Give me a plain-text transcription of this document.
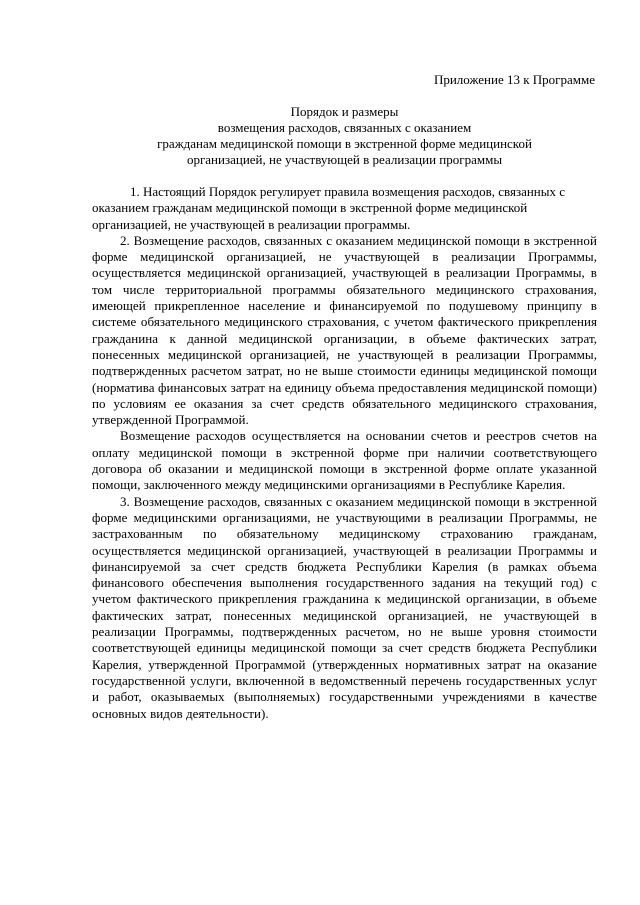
Приложение 13 к Программе
Порядок и размеры
возмещения расходов, связанных с оказанием
гражданам медицинской помощи в экстренной форме медицинской
организацией, не участвующей в реализации программы

1. Настоящий Порядок регулирует правила возмещения расходов, связанных с оказанием гражданам медицинской помощи в экстренной форме медицинской организацией, не участвующей в реализации программы.

2. Возмещение расходов, связанных с оказанием медицинской помощи в экстренной форме медицинской организацией, не участвующей в реализации Программы, осуществляется медицинской организацией, участвующей в реализации Программы, в том числе территориальной программы обязательного медицинского страхования, имеющей прикрепленное население и финансируемой по подушевому принципу в системе обязательного медицинского страхования, с учетом фактического прикрепления гражданина к данной медицинской организации, в объеме фактических затрат, понесенных медицинской организацией, не участвующей в реализации Программы, подтвержденных расчетом затрат, но не выше стоимости единицы медицинской помощи (норматива финансовых затрат на единицу объема предоставления медицинской помощи) по условиям ее оказания за счет средств обязательного медицинского страхования, утвержденной Программой.

Возмещение расходов осуществляется на основании счетов и реестров счетов на оплату медицинской помощи в экстренной форме при наличии соответствующего договора об оказании и медицинской помощи в экстренной форме оплате указанной помощи, заключенного между медицинскими организациями в Республике Карелия.

3. Возмещение расходов, связанных с оказанием медицинской помощи в экстренной форме медицинскими организациями, не участвующими в реализации Программы, не застрахованным по обязательному медицинскому страхованию гражданам, осуществляется медицинской организацией, участвующей в реализации Программы и финансируемой за счет средств бюджета Республики Карелия (в рамках объема финансового обеспечения выполнения государственного задания на текущий год) с учетом фактического прикрепления гражданина к медицинской организации, в объеме фактических затрат, понесенных медицинской организацией, не участвующей в реализации Программы, подтвержденных расчетом, но не выше уровня стоимости соответствующей единицы медицинской помощи за счет средств бюджета Республики Карелия, утвержденной Программой (утвержденных нормативных затрат на оказание государственной услуги, включенной в ведомственный перечень государственных услуг и работ, оказываемых (выполняемых) государственными учреждениями в качестве основных видов деятельности).
